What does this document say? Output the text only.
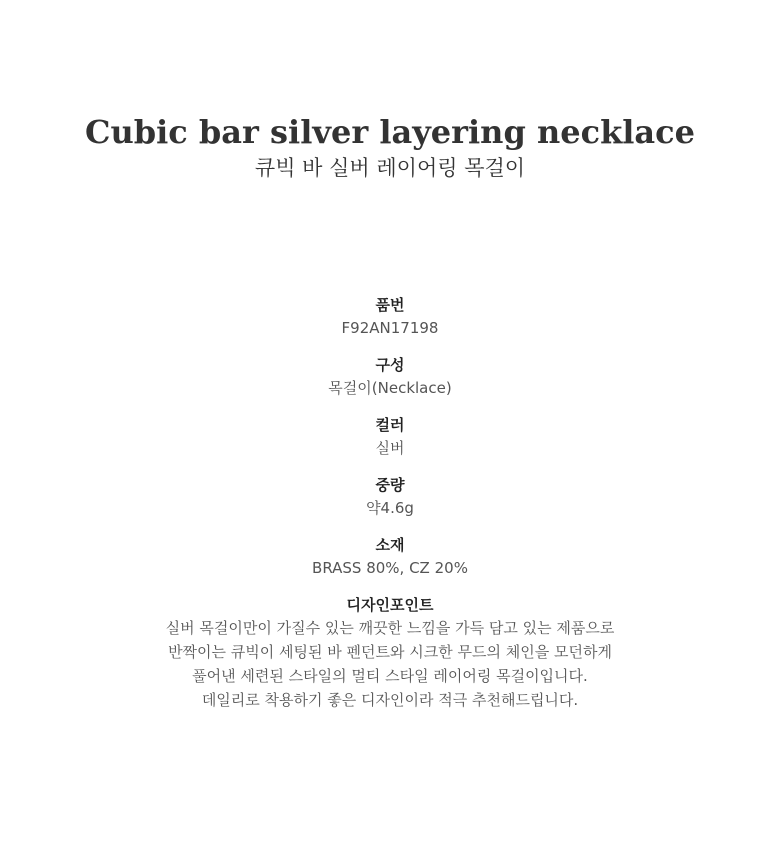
Cubic bar silver layering necklace
큐빅 바 실버 레이어링 목걸이
품번
F92AN17198
구성
목걸이(Necklace)
컬러
실버
중량
약4.6g
소재
BRASS 80%, CZ 20%
디자인포인트
실버 목걸이만이 가질수 있는 깨끗한 느낌을 가득 담고 있는 제품으로
반짝이는 큐빅이 세팅된 바 펜던트와 시크한 무드의 체인을 모던하게
풀어낸 세련된 스타일의 멀티 스타일 레이어링 목걸이입니다.
데일리로 착용하기 좋은 디자인이라 적극 추천해드립니다.
